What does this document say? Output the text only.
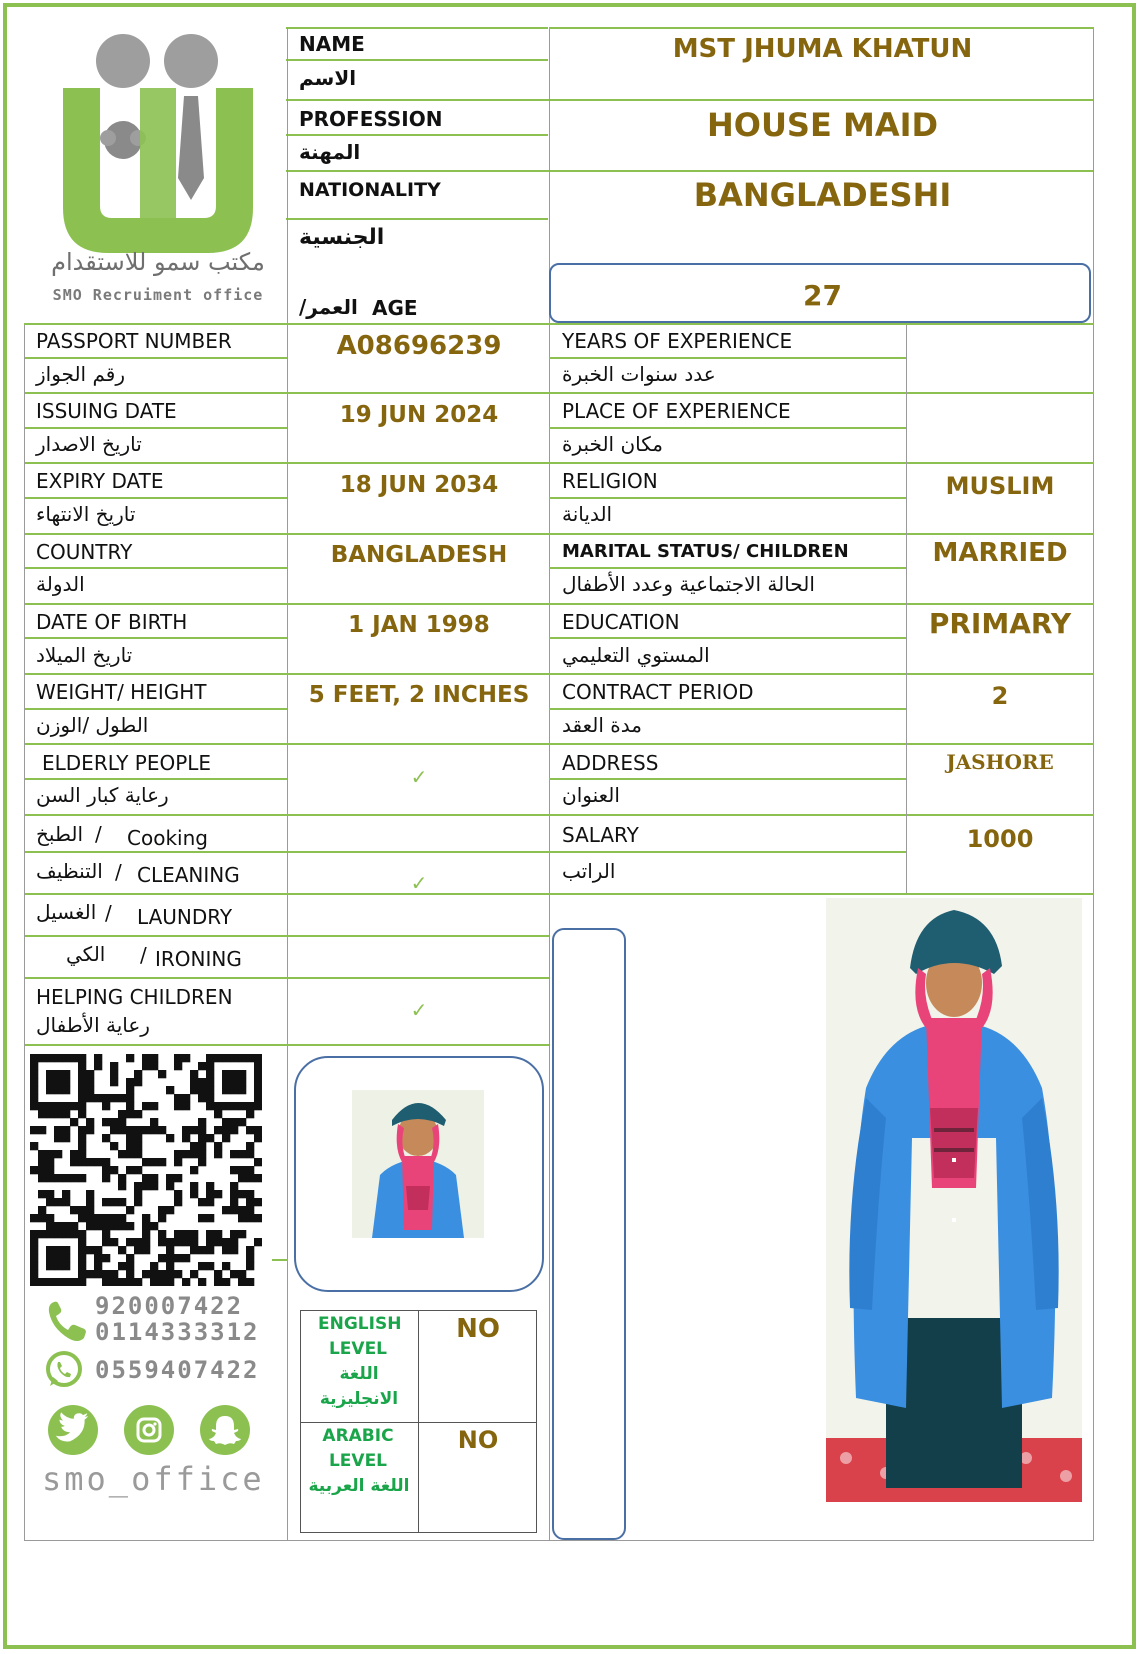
مكتب سمو للاستقدام
SMO Recruiment office
NAME
الاسم
MST JHUMA KHATUN
PROFESSION
المهنة
HOUSE MAID
NATIONALITY
الجنسية
BANGLADESHI
العمر/ AGE	27
PASSPORT NUMBER
رقم الجواز
A08696239
ISSUING DATE
تاريخ الاصدار
19 JUN 2024
EXPIRY DATE
تاريخ الانتهاء
18 JUN 2034
COUNTRY
الدولة
BANGLADESH
DATE OF BIRTH
تاريخ الميلاد
1 JAN 1998
WEIGHT/ HEIGHT
الطول /الوزن
5 FEET, 2 INCHES
ELDERLY PEOPLE
رعاية كبار السن
✓
الطبخ / Cooking
التنظيف / CLEANING	✓
الغسيل / LAUNDRY
الكي / IRONING
HELPING CHILDREN
رعاية الأطفال
✓
YEARS OF EXPERIENCE
عدد سنوات الخبرة
PLACE OF EXPERIENCE
مكان الخبرة
RELIGION
الديانة
MUSLIM
MARITAL STATUS/ CHILDREN
الحالة الاجتماعية وعدد الأطفال
MARRIED
EDUCATION
المستوي التعليمي
PRIMARY
CONTRACT PERIOD
مدة العقد
2
ADDRESS
العنوان
JASHORE
SALARY
الراتب
1000
920007422
0114333312
0559407422
smo_office
ENGLISH LEVEL
اللغة الانجليزية
NO
ARABIC LEVEL
اللغة العربية
NO
